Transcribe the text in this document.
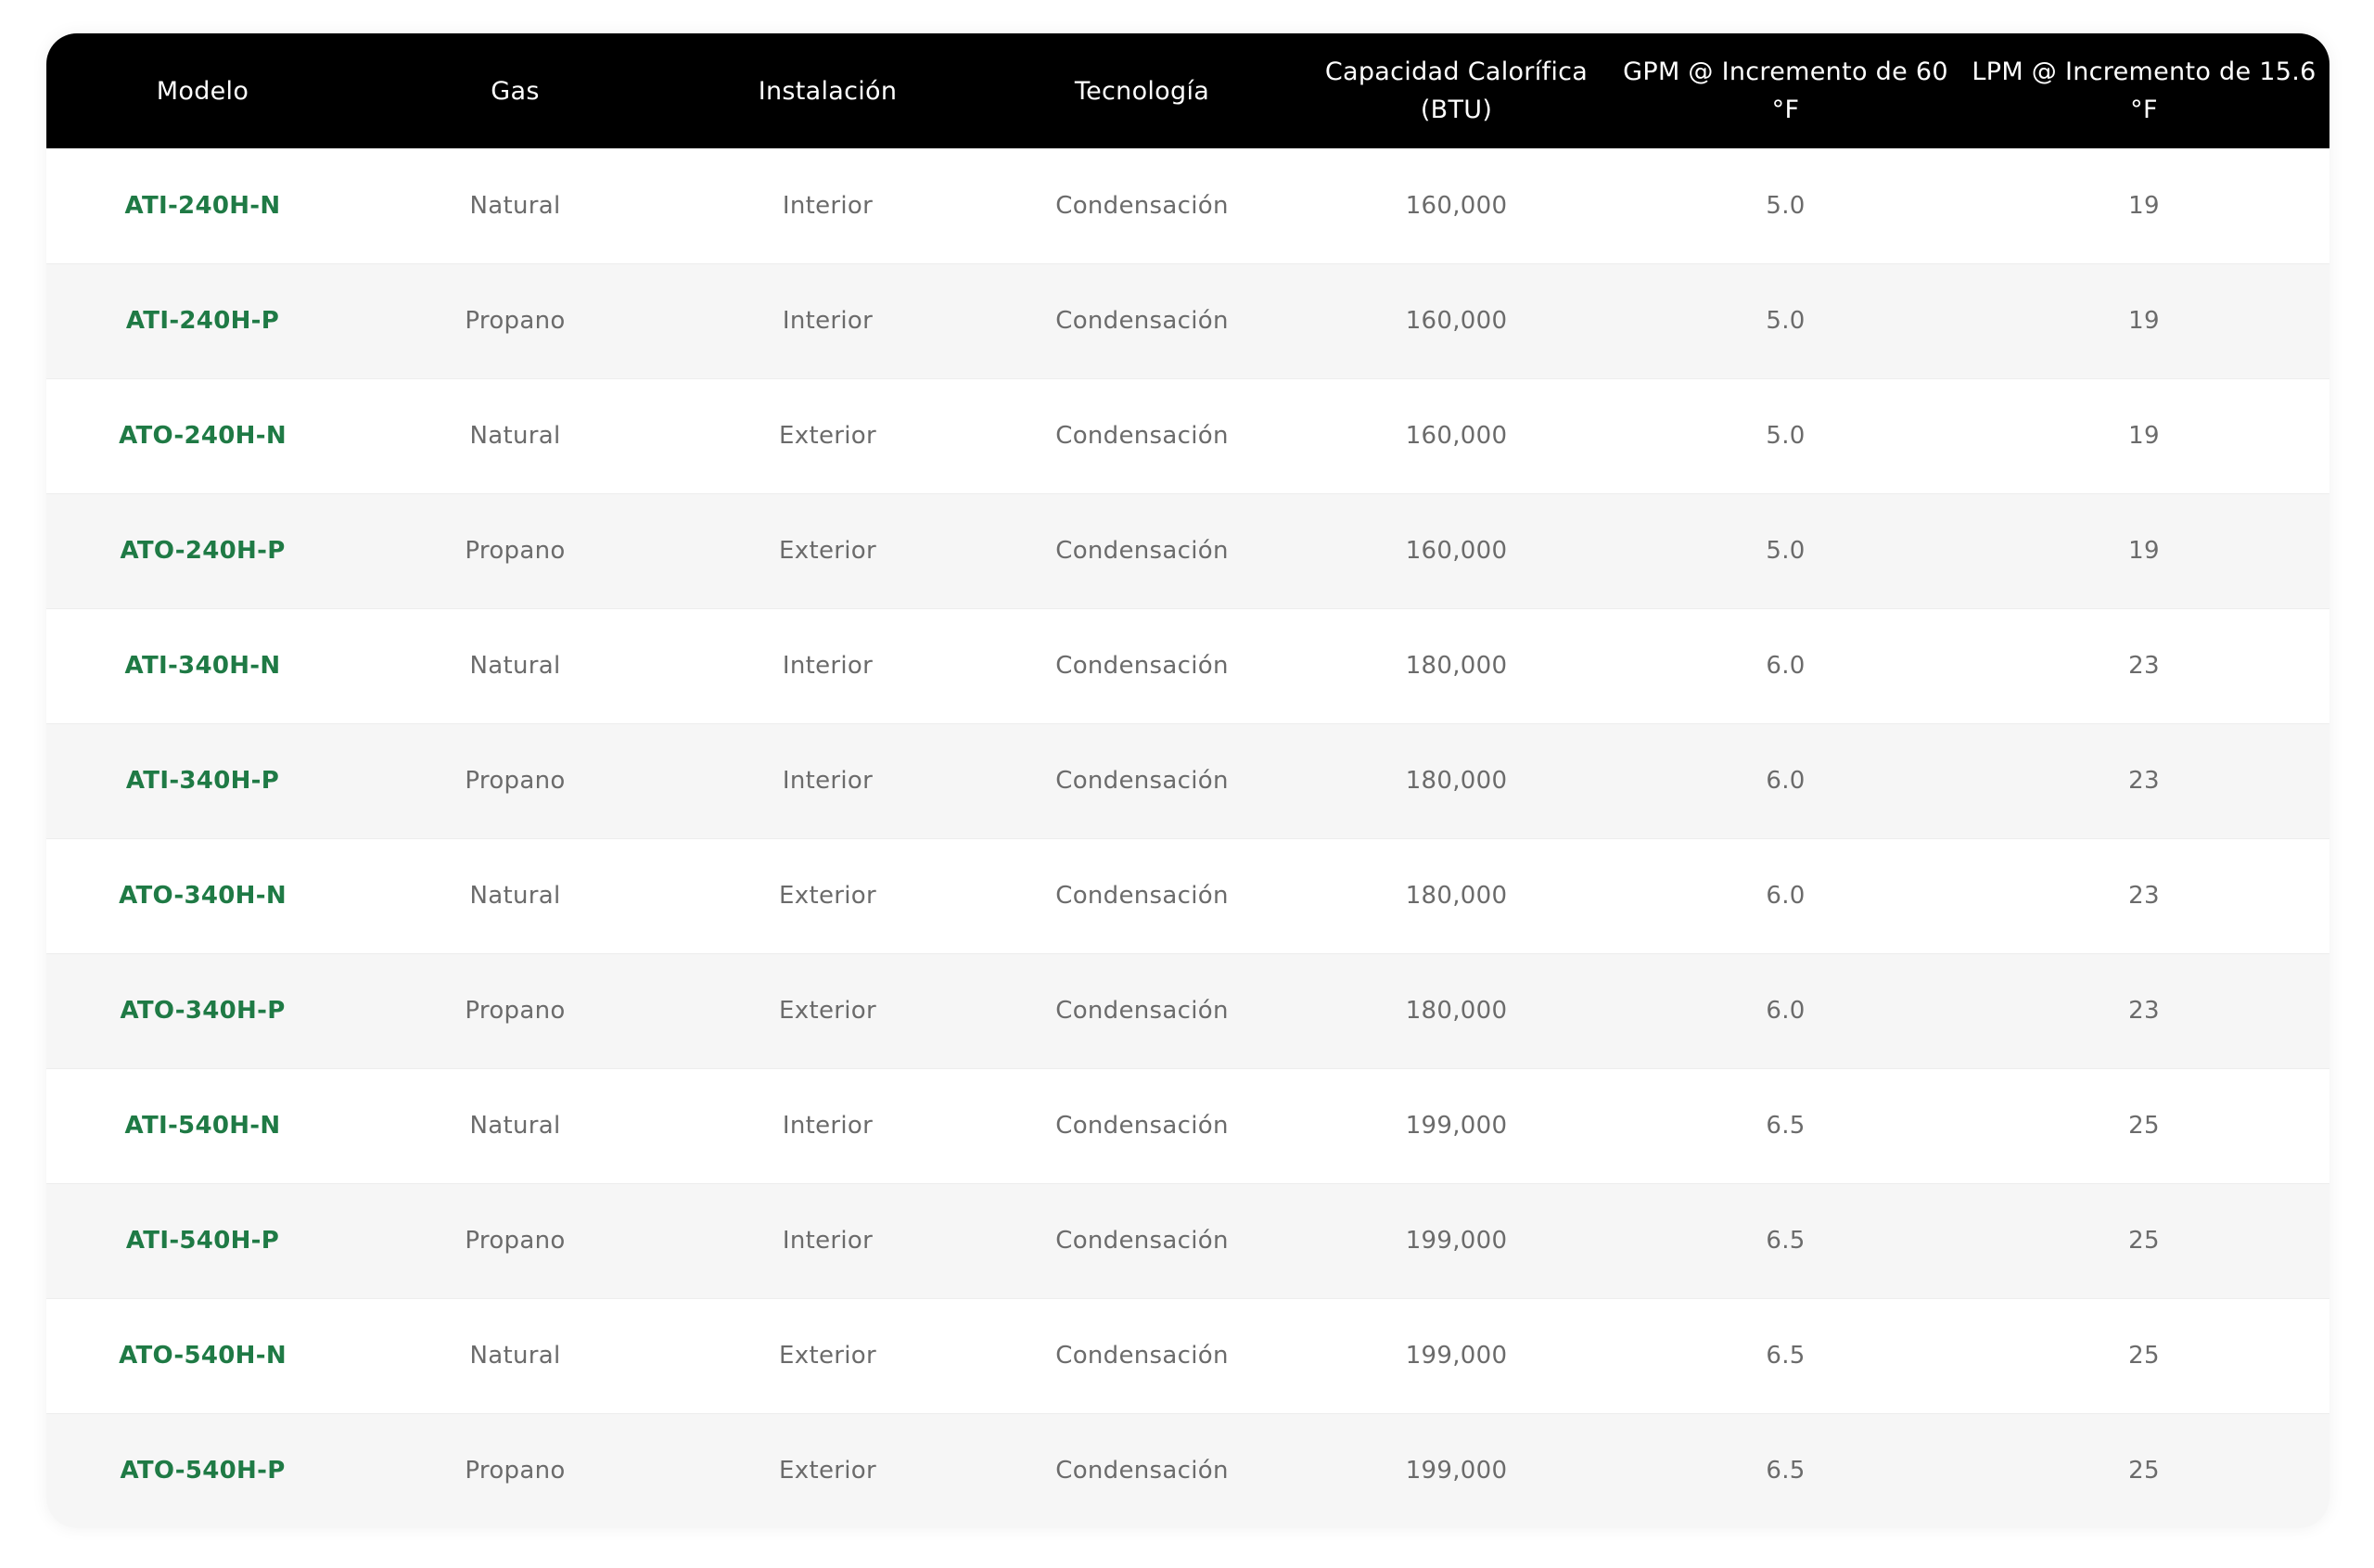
Modelo	Gas	Instalación	Tecnología	Capacidad Calorífica (BTU)	GPM @ Incremento de 60 °F	LPM @ Incremento de 15.6 °F
ATI-240H-N	Natural	Interior	Condensación	160,000	5.0	19
ATI-240H-P	Propano	Interior	Condensación	160,000	5.0	19
ATO-240H-N	Natural	Exterior	Condensación	160,000	5.0	19
ATO-240H-P	Propano	Exterior	Condensación	160,000	5.0	19
ATI-340H-N	Natural	Interior	Condensación	180,000	6.0	23
ATI-340H-P	Propano	Interior	Condensación	180,000	6.0	23
ATO-340H-N	Natural	Exterior	Condensación	180,000	6.0	23
ATO-340H-P	Propano	Exterior	Condensación	180,000	6.0	23
ATI-540H-N	Natural	Interior	Condensación	199,000	6.5	25
ATI-540H-P	Propano	Interior	Condensación	199,000	6.5	25
ATO-540H-N	Natural	Exterior	Condensación	199,000	6.5	25
ATO-540H-P	Propano	Exterior	Condensación	199,000	6.5	25
